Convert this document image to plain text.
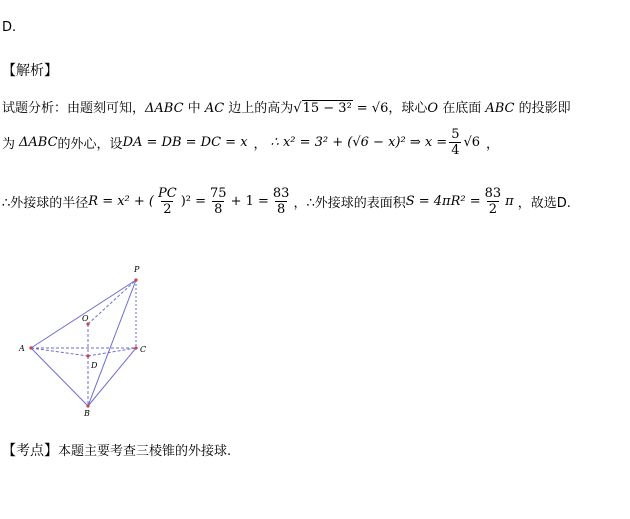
D.
【解析】
试题分析：由题刻可知，ΔABC 中 AC 边上的高为√15 − 3² = √6，球心O 在底面 ABC 的投影即
为 ΔABC 的外心，设 DA = DB = DC = x ， ∴ x² = 3² + (√6 − x)² ⇒ $x = \frac{5}{4} √6$ ，
∴外接球的半径 R = x² + ( $\frac{PC}{2} )^2 = \frac{75}{8} + 1 = \frac{83}{8}$ ，∴外接球的表面积 $S = 4\pi R^2 = \frac{83}{2}$ π ，故选D.
P
O
A	C
D
B
【考点】本题主要考查三棱锥的外接球.
